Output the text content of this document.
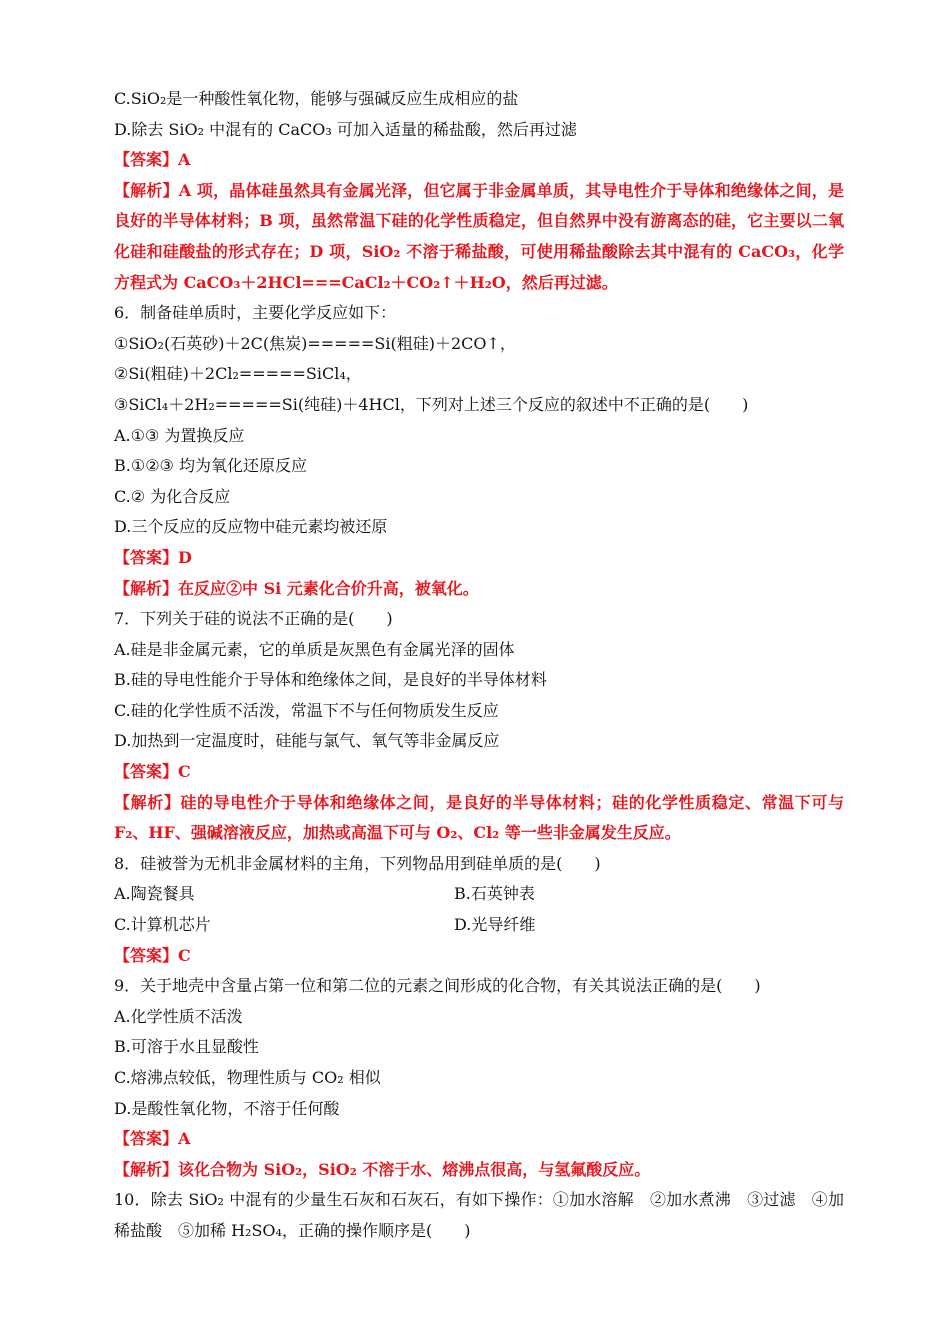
C.SiO₂是一种酸性氧化物，能够与强碱反应生成相应的盐
D.除去 SiO₂ 中混有的 CaCO₃ 可加入适量的稀盐酸，然后再过滤
【答案】A
【解析】A 项，晶体硅虽然具有金属光泽，但它属于非金属单质，其导电性介于导体和绝缘体之间，是良好的半导体材料；B 项，虽然常温下硅的化学性质稳定，但自然界中没有游离态的硅，它主要以二氧化硅和硅酸盐的形式存在；D 项，SiO₂ 不溶于稀盐酸，可使用稀盐酸除去其中混有的 CaCO₃，化学方程式为 CaCO₃＋2HCl===CaCl₂＋CO₂↑＋H₂O，然后再过滤。
6．制备硅单质时，主要化学反应如下：
①SiO₂(石英砂)＋2C(焦炭)=====Si(粗硅)＋2CO↑，
②Si(粗硅)＋2Cl₂=====SiCl₄，
③SiCl₄＋2H₂=====Si(纯硅)＋4HCl，下列对上述三个反应的叙述中不正确的是(　　)
A.①③ 为置换反应
B.①②③ 均为氧化还原反应
C.② 为化合反应
D.三个反应的反应物中硅元素均被还原
【答案】D
【解析】在反应②中 Si 元素化合价升高，被氧化。
7．下列关于硅的说法不正确的是(　　)
A.硅是非金属元素，它的单质是灰黑色有金属光泽的固体
B.硅的导电性能介于导体和绝缘体之间，是良好的半导体材料
C.硅的化学性质不活泼，常温下不与任何物质发生反应
D.加热到一定温度时，硅能与氯气、氧气等非金属反应
【答案】C
【解析】硅的导电性介于导体和绝缘体之间，是良好的半导体材料；硅的化学性质稳定、常温下可与 F₂、HF、强碱溶液反应，加热或高温下可与 O₂、Cl₂ 等一些非金属发生反应。
8．硅被誉为无机非金属材料的主角，下列物品用到硅单质的是(　　)
A.陶瓷餐具	B.石英钟表
C.计算机芯片	D.光导纤维
【答案】C
9．关于地壳中含量占第一位和第二位的元素之间形成的化合物，有关其说法正确的是(　　)
A.化学性质不活泼
B.可溶于水且显酸性
C.熔沸点较低，物理性质与 CO₂ 相似
D.是酸性氧化物，不溶于任何酸
【答案】A
【解析】该化合物为 SiO₂，SiO₂ 不溶于水、熔沸点很高，与氢氟酸反应。
10．除去 SiO₂ 中混有的少量生石灰和石灰石，有如下操作：①加水溶解　②加水煮沸　③过滤　④加稀盐酸　⑤加稀 H₂SO₄，正确的操作顺序是(　　)
